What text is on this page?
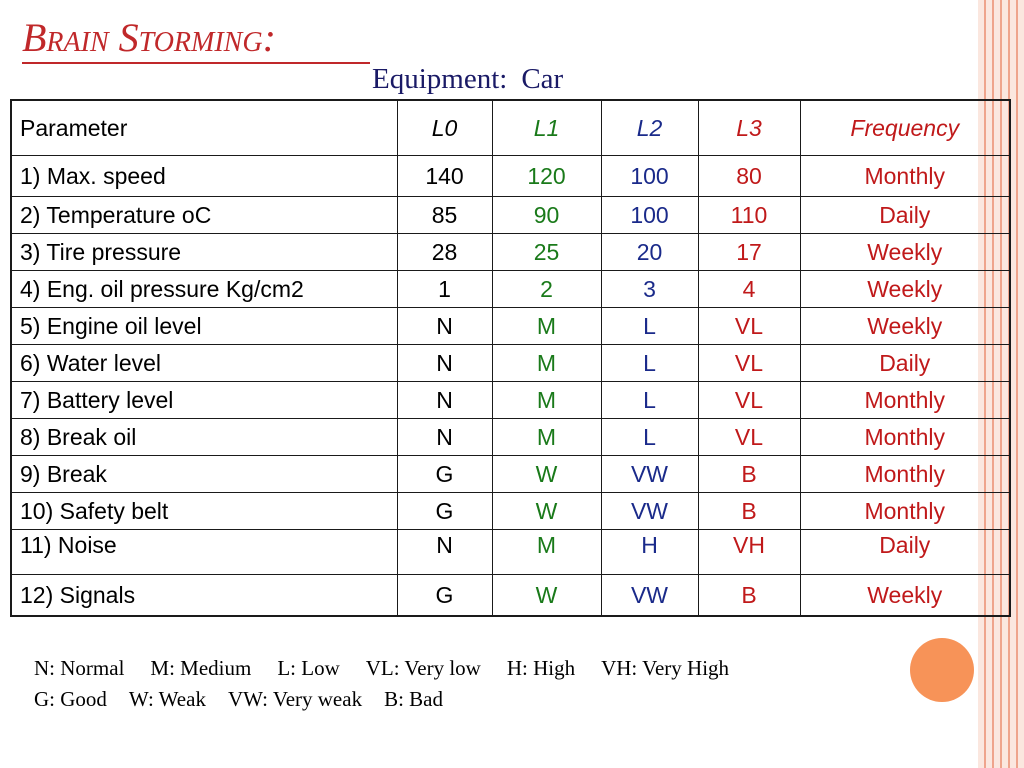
Brain Storming:
Equipment: Car
Parameter	L0	L1	L2	L3	Frequency
1) Max. speed	140	120	100	80	Monthly
2) Temperature oC	85	90	100	110	Daily
3) Tire pressure	28	25	20	17	Weekly
4) Eng. oil pressure Kg/cm2	1	2	3	4	Weekly
5) Engine oil level	N	M	L	VL	Weekly
6) Water level	N	M	L	VL	Daily
7) Battery level	N	M	L	VL	Monthly
8) Break oil	N	M	L	VL	Monthly
9) Break	G	W	VW	B	Monthly
10) Safety belt	G	W	VW	B	Monthly
11) Noise	N	M	H	VH	Daily
12) Signals	G	W	VW	B	Weekly
N: Normal M: Medium L: Low VL: Very low H: High VH: Very High
G: Good W: Weak VW: Very weak B: Bad
